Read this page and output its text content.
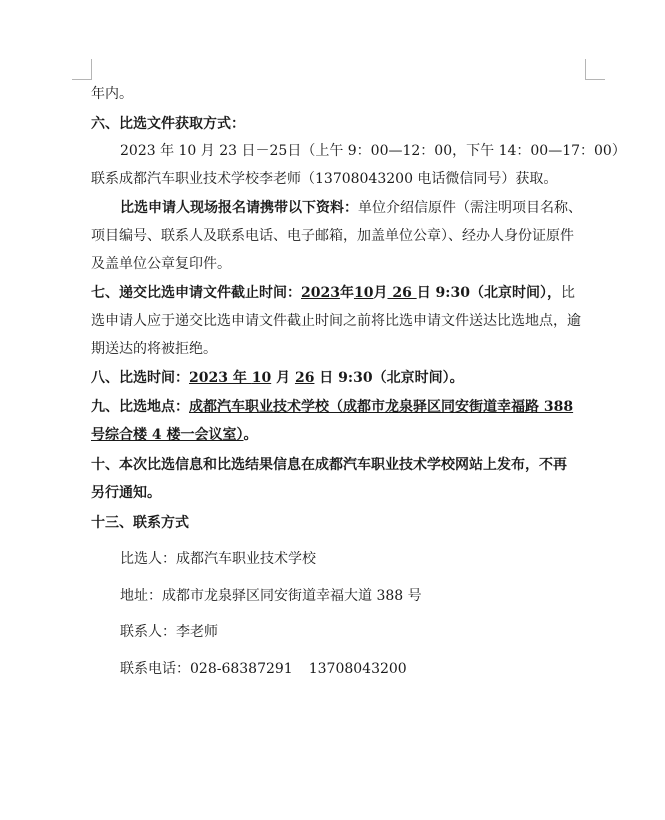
年内。
六、比选文件获取方式：
2023 年 10 月 23 日－25日（上午 9：00—12：00，下午 14：00—17：00）
联系成都汽车职业技术学校李老师（13708043200 电话微信同号）获取。
比选申请人现场报名请携带以下资料：单位介绍信原件（需注明项目名称、
项目编号、联系人及联系电话、电子邮箱，加盖单位公章）、经办人身份证原件
及盖单位公章复印件。
七、递交比选申请文件截止时间：2023年10月 26 日 9:30（北京时间），比
选申请人应于递交比选申请文件截止时间之前将比选申请文件送达比选地点，逾
期送达的将被拒绝。
八、比选时间：2023 年 10 月 26 日 9:30（北京时间）。
九、比选地点：成都汽车职业技术学校（成都市龙泉驿区同安街道幸福路 388
号综合楼 4 楼一会议室）。
十、本次比选信息和比选结果信息在成都汽车职业技术学校网站上发布，不再
另行通知。
十三、联系方式
比选人：成都汽车职业技术学校
地址：成都市龙泉驿区同安街道幸福大道 388 号
联系人：李老师
联系电话：028-68387291 13708043200
